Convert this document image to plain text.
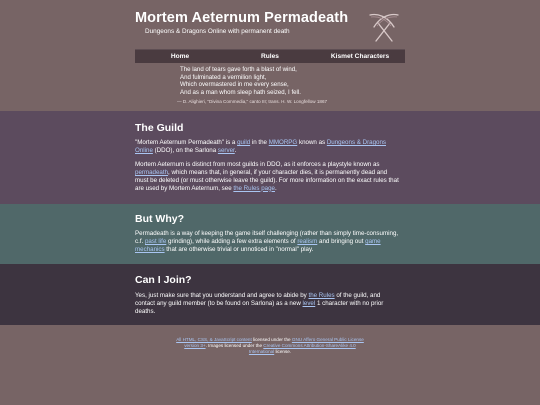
Mortem Aeternum Permadeath
Dungeons & Dragons Online with permanent death
Home	Rules	Kismet Characters
The land of tears gave forth a blast of wind,
And fulminated a vermilion light,
Which overmastered in me every sense,
And as a man whom sleep hath seized, I fell.
— D. Alighieri, "Divina Commedia," canto III; trans. H. W. Longfellow 1867
The Guild

"Mortem Aeternum Permadeath" is a guild in the MMORPG known as Dungeons & Dragons Online (DDO), on the Sarlona server.

Mortem Aeternum is distinct from most guilds in DDO, as it enforces a playstyle known as permadeath, which means that, in general, if your character dies, it is permanently dead and must be deleted (or must otherwise leave the guild). For more information on the exact rules that are used by Mortem Aeternum, see the Rules page.

But Why?

Permadeath is a way of keeping the game itself challenging (rather than simply time-consuming, c.f. past life grinding), while adding a few extra elements of realism and bringing out game mechanics that are otherwise trivial or unnoticed in "normal" play.

Can I Join?

Yes, just make sure that you understand and agree to abide by the Rules of the guild, and contact any guild member (to be found on Sarlona) as a new level 1 character with no prior deaths.

All HTML, CSS, & JavaScript content licensed under the GNU Affero General Public License version 3+. Images licensed under the Creative Commons Attribution-ShareAlike 4.0 International license.
